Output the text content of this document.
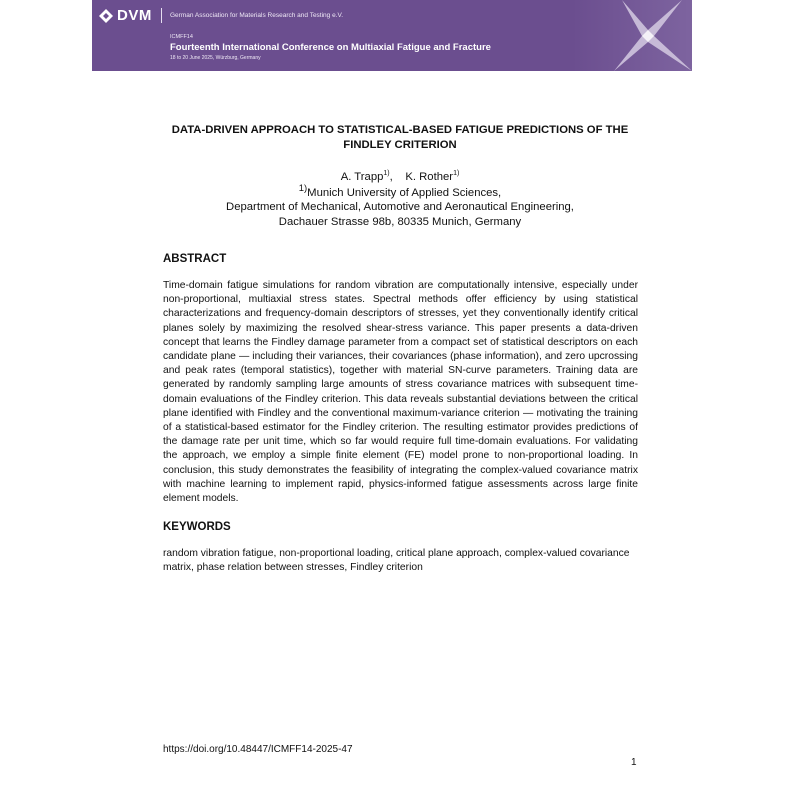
DVM	German Association for Materials Research and Testing e.V.
ICMFF14
Fourteenth International Conference on Multiaxial Fatigue and Fracture
18 to 20 June 2025, Würzburg, Germany
DATA-DRIVEN APPROACH TO STATISTICAL-BASED FATIGUE PREDICTIONS OF THE FINDLEY CRITERION
A. Trapp$^{1)}$,    K. Rother$^{1)}$
$^{1)}$Munich University of Applied Sciences,
Department of Mechanical, Automotive and Aeronautical Engineering,
Dachauer Strasse 98b, 80335 Munich, Germany
ABSTRACT

Time-domain fatigue simulations for random vibration are computationally intensive, especially under non-proportional, multiaxial stress states. Spectral methods offer efficiency by using statistical characterizations and frequency-domain descriptors of stresses, yet they conventionally identify critical planes solely by maximizing the resolved shear-stress variance. This paper presents a data-driven concept that learns the Findley damage parameter from a compact set of statistical descriptors on each candidate plane — including their variances, their covariances (phase information), and zero upcrossing and peak rates (temporal statistics), together with material SN-curve parameters. Training data are generated by randomly sampling large amounts of stress covariance matrices with subsequent time-domain evaluations of the Findley criterion. This data reveals substantial deviations between the critical plane identified with Findley and the conventional maximum-variance criterion — motivating the training of a statistical-based estimator for the Findley criterion. The resulting estimator provides predictions of the damage rate per unit time, which so far would require full time-domain evaluations. For validating the approach, we employ a simple finite element (FE) model prone to non-proportional loading. In conclusion, this study demonstrates the feasibility of integrating the complex-valued covariance matrix with machine learning to implement rapid, physics-informed fatigue assessments across large finite element models.

KEYWORDS

random vibration fatigue, non-proportional loading, critical plane approach, complex-valued covariance matrix, phase relation between stresses, Findley criterion

https://doi.org/10.48447/ICMFF14-2025-47
1
